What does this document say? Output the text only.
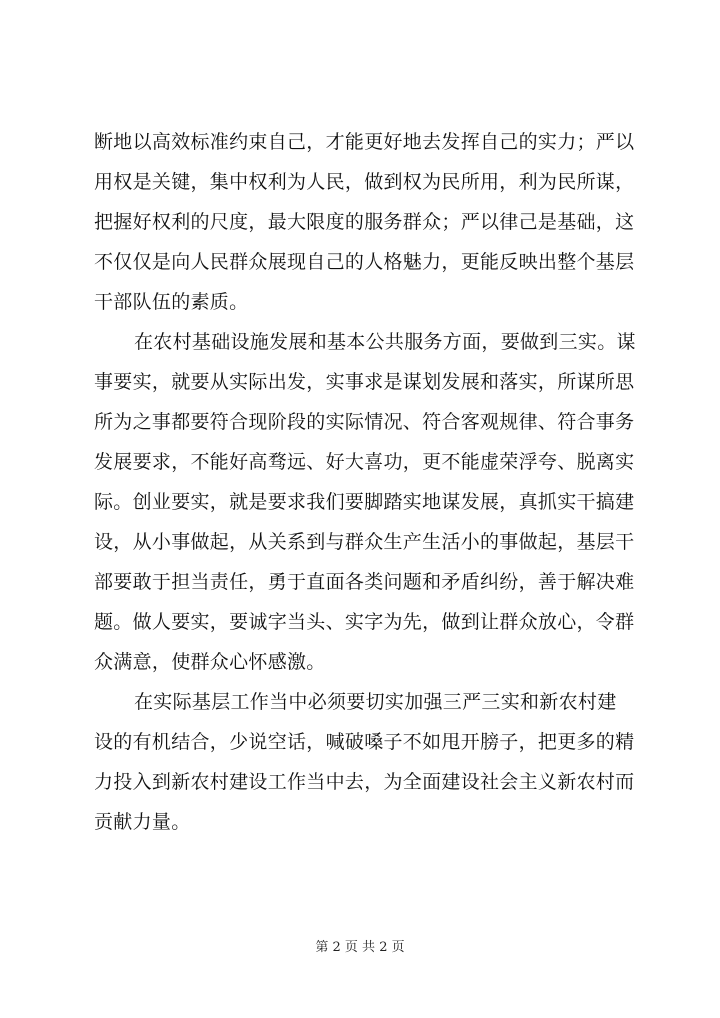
断地以高效标准约束自己，才能更好地去发挥自己的实力；严以
用权是关键，集中权利为人民，做到权为民所用，利为民所谋，
把握好权利的尺度，最大限度的服务群众；严以律己是基础，这
不仅仅是向人民群众展现自己的人格魅力，更能反映出整个基层
干部队伍的素质。
在农村基础设施发展和基本公共服务方面，要做到三实。谋
事要实，就要从实际出发，实事求是谋划发展和落实，所谋所思
所为之事都要符合现阶段的实际情况、符合客观规律、符合事务
发展要求，不能好高骛远、好大喜功，更不能虚荣浮夸、脱离实
际。创业要实，就是要求我们要脚踏实地谋发展，真抓实干搞建
设，从小事做起，从关系到与群众生产生活小的事做起，基层干
部要敢于担当责任，勇于直面各类问题和矛盾纠纷，善于解决难
题。做人要实，要诚字当头、实字为先，做到让群众放心，令群
众满意，使群众心怀感激。
在实际基层工作当中必须要切实加强三严三实和新农村建
设的有机结合，少说空话，喊破嗓子不如甩开膀子，把更多的精
力投入到新农村建设工作当中去，为全面建设社会主义新农村而
贡献力量。
第 2 页 共 2 页
